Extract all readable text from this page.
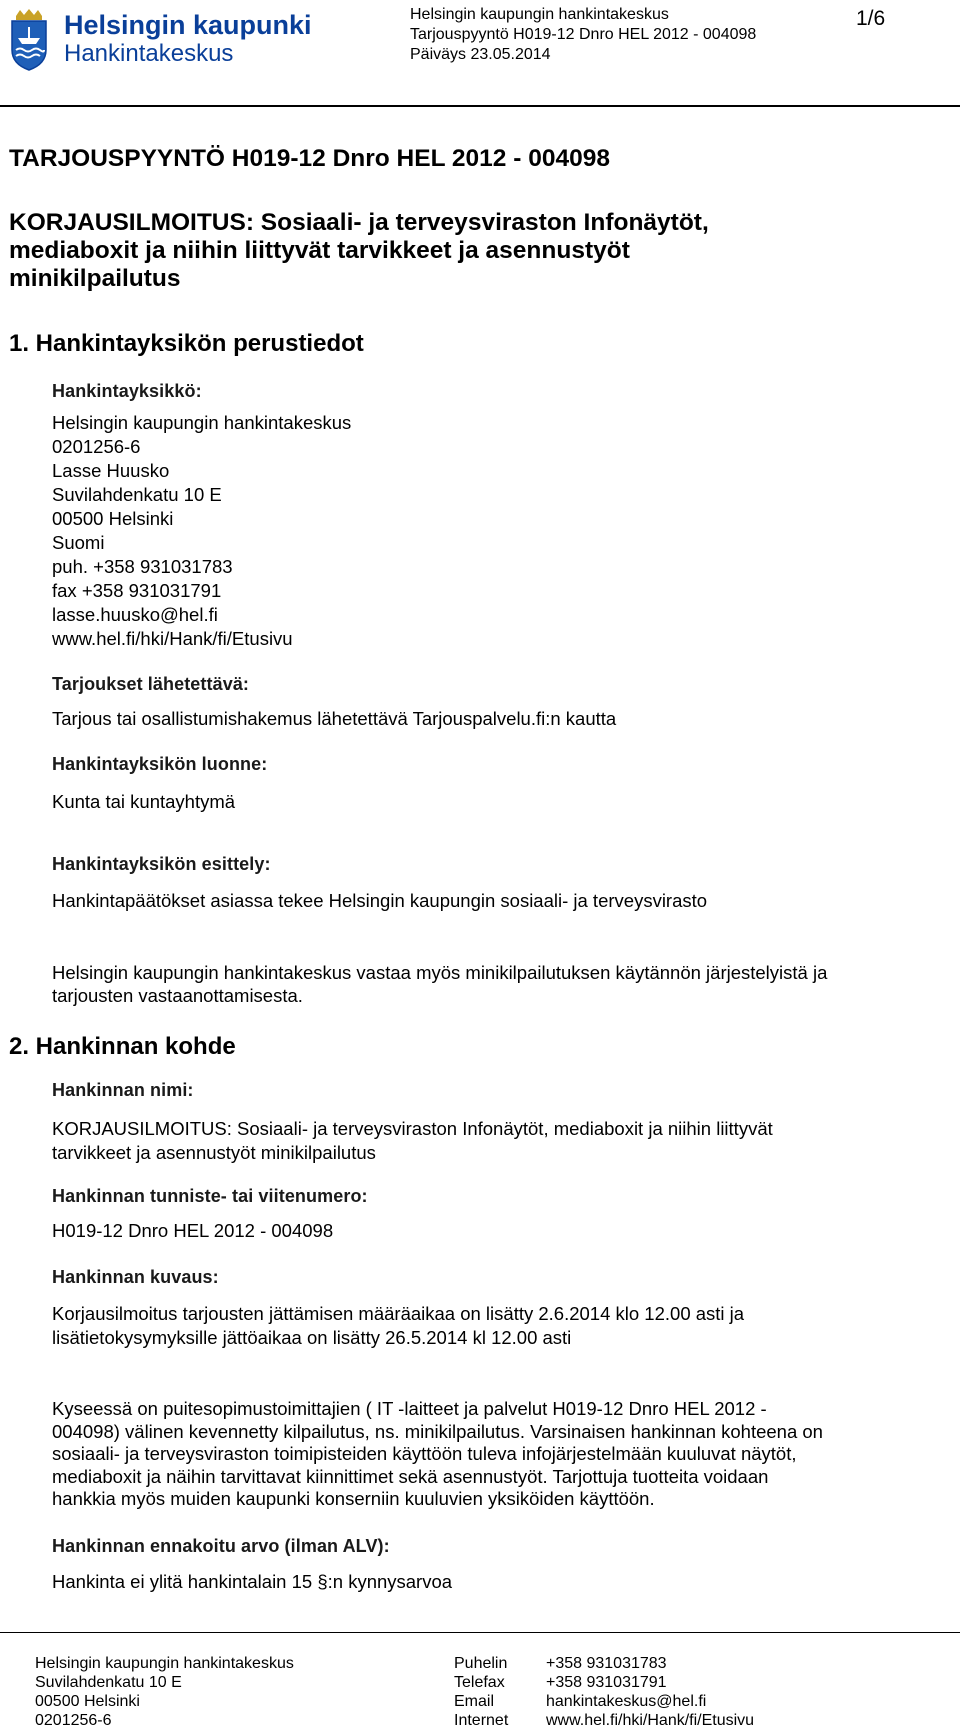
Helsingin kaupunki
Hankintakeskus
Helsingin kaupungin hankintakeskus
Tarjouspyyntö H019-12 Dnro HEL 2012 - 004098
Päiväys 23.05.2014
1/6
TARJOUSPYYNTÖ H019-12 Dnro HEL 2012 - 004098
KORJAUSILMOITUS: Sosiaali- ja terveysviraston Infonäytöt,
mediaboxit ja niihin liittyvät tarvikkeet ja asennustyöt
minikilpailutus
1. Hankintayksikön perustiedot
Hankintayksikkö:
Helsingin kaupungin hankintakeskus
0201256-6
Lasse Huusko
Suvilahdenkatu 10 E
00500 Helsinki
Suomi
puh. +358 931031783
fax +358 931031791
lasse.huusko@hel.fi
www.hel.fi/hki/Hank/fi/Etusivu
Tarjoukset lähetettävä:
Tarjous tai osallistumishakemus lähetettävä Tarjouspalvelu.fi:n kautta
Hankintayksikön luonne:
Kunta tai kuntayhtymä
Hankintayksikön esittely:
Hankintapäätökset asiassa tekee Helsingin kaupungin sosiaali- ja terveysvirasto
Helsingin kaupungin hankintakeskus vastaa myös minikilpailutuksen käytännön järjestelyistä ja
tarjousten vastaanottamisesta.
2. Hankinnan kohde
Hankinnan nimi:
KORJAUSILMOITUS: Sosiaali- ja terveysviraston Infonäytöt, mediaboxit ja niihin liittyvät
tarvikkeet ja asennustyöt minikilpailutus
Hankinnan tunniste- tai viitenumero:
H019-12 Dnro HEL 2012 - 004098
Hankinnan kuvaus:
Korjausilmoitus tarjousten jättämisen määräaikaa on lisätty 2.6.2014 klo 12.00 asti ja
lisätietokysymyksille jättöaikaa on lisätty 26.5.2014 kl 12.00 asti
Kyseessä on puitesopimustoimittajien ( IT -laitteet ja palvelut H019-12 Dnro HEL 2012 -
004098) välinen kevennetty kilpailutus, ns. minikilpailutus. Varsinaisen hankinnan kohteena on
sosiaali- ja terveysviraston toimipisteiden käyttöön tuleva infojärjestelmään kuuluvat näytöt,
mediaboxit ja näihin tarvittavat kiinnittimet sekä asennustyöt. Tarjottuja tuotteita voidaan
hankkia myös muiden kaupunki konserniin kuuluvien yksiköiden käyttöön.
Hankinnan ennakoitu arvo (ilman ALV):
Hankinta ei ylitä hankintalain 15 §:n kynnysarvoa
Helsingin kaupungin hankintakeskus
Suvilahdenkatu 10 E
00500 Helsinki
0201256-6
Puhelin
Telefax
Email
Internet
+358 931031783
+358 931031791
hankintakeskus@hel.fi
www.hel.fi/hki/Hank/fi/Etusivu
